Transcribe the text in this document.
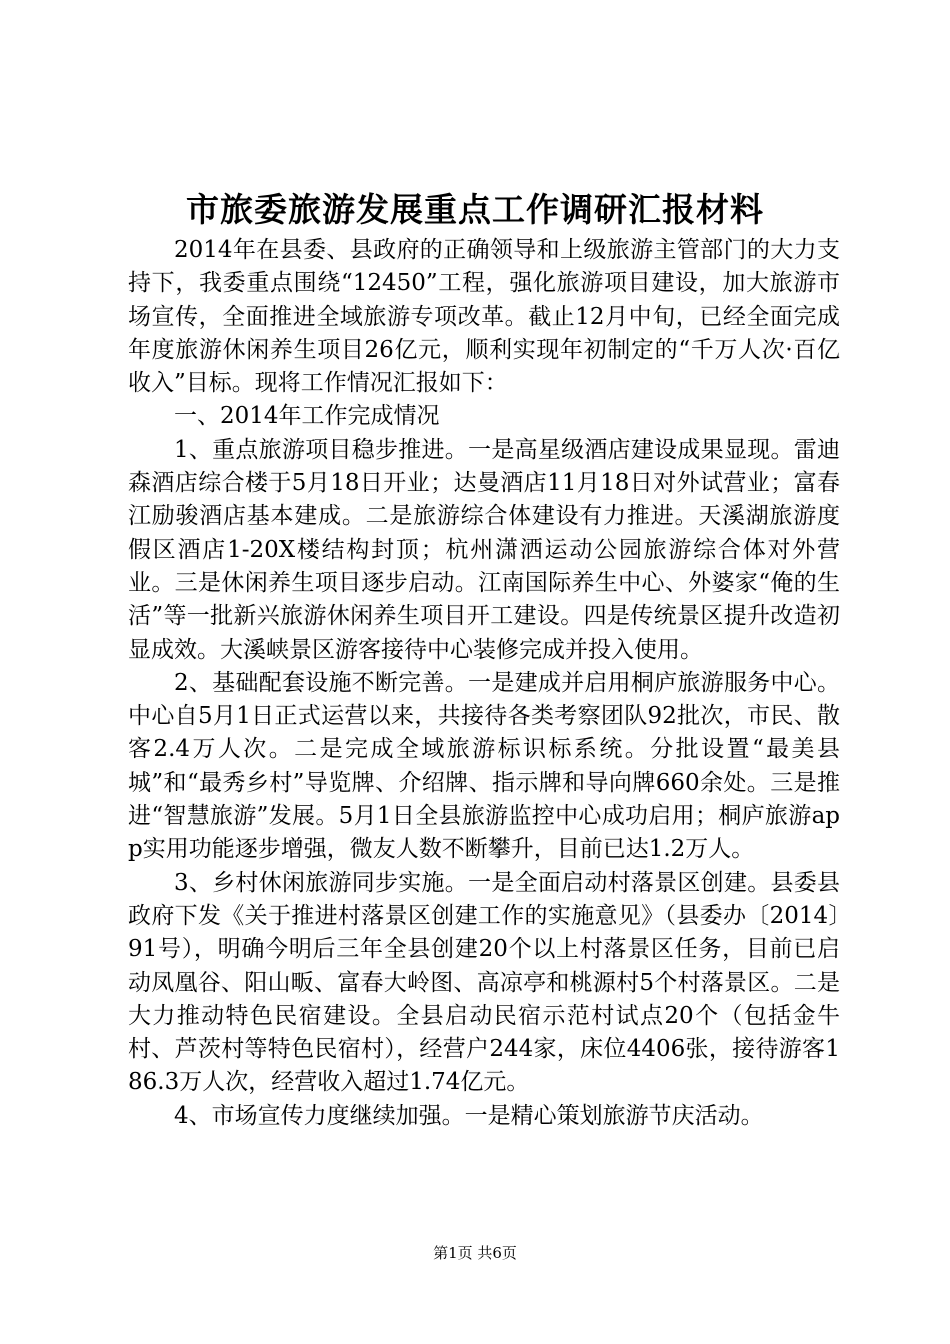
市旅委旅游发展重点工作调研汇报材料

2014年在县委、县政府的正确领导和上级旅游主管部门的大力支持下，我委重点围绕“12450”工程，强化旅游项目建设，加大旅游市场宣传，全面推进全域旅游专项改革。截止12月中旬，已经全面完成年度旅游休闲养生项目26亿元，顺利实现年初制定的“千万人次·百亿收入”目标。现将工作情况汇报如下：

一、2014年工作完成情况

1、重点旅游项目稳步推进。一是高星级酒店建设成果显现。雷迪森酒店综合楼于5月18日开业；达曼酒店11月18日对外试营业；富春江励骏酒店基本建成。二是旅游综合体建设有力推进。天溪湖旅游度假区酒店1-20X楼结构封顶；杭州潇洒运动公园旅游综合体对外营业。三是休闲养生项目逐步启动。江南国际养生中心、外婆家“俺的生活”等一批新兴旅游休闲养生项目开工建设。四是传统景区提升改造初显成效。大溪峡景区游客接待中心装修完成并投入使用。

2、基础配套设施不断完善。一是建成并启用桐庐旅游服务中心。中心自5月1日正式运营以来，共接待各类考察团队92批次，市民、散客2.4万人次。二是完成全域旅游标识标系统。分批设置“最美县城”和“最秀乡村”导览牌、介绍牌、指示牌和导向牌660余处。三是推进“智慧旅游”发展。5月1日全县旅游监控中心成功启用；桐庐旅游app实用功能逐步增强，微友人数不断攀升，目前已达1.2万人。

3、乡村休闲旅游同步实施。一是全面启动村落景区创建。县委县政府下发《关于推进村落景区创建工作的实施意见》（县委办〔2014〕91号），明确今明后三年全县创建20个以上村落景区任务，目前已启动凤凰谷、阳山畈、富春大岭图、高凉亭和桃源村5个村落景区。二是大力推动特色民宿建设。全县启动民宿示范村试点20个（包括金牛村、芦茨村等特色民宿村），经营户244家，床位4406张，接待游客186.3万人次，经营收入超过1.74亿元。

4、市场宣传力度继续加强。一是精心策划旅游节庆活动。

第1页 共6页
